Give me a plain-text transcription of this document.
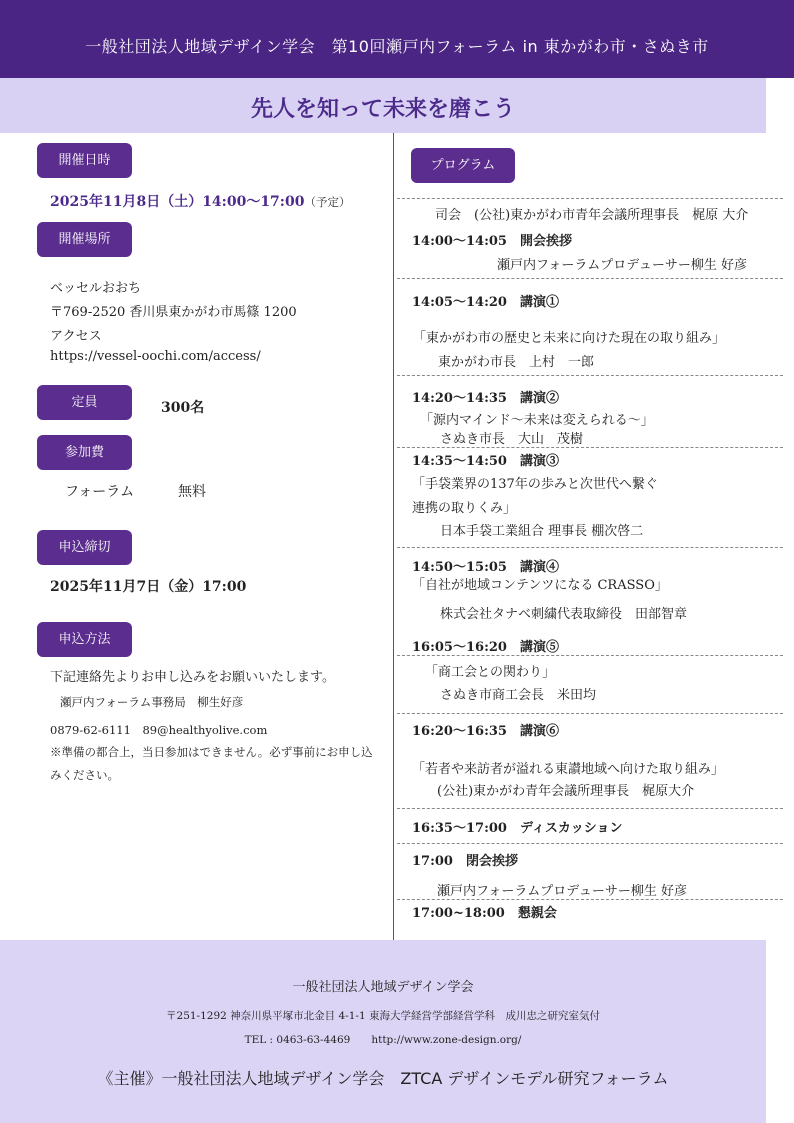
一般社団法人地域デザイン学会　第10回瀬戸内フォーラム in 東かがわ市・さぬき市
先人を知って未来を磨こう
開催日時
2025年11月8日（土）14:00〜17:00（予定）
開催場所
ベッセルおおち
〒769-2520 香川県東かがわ市馬篠 1200
アクセス
https://vessel-oochi.com/access/
定員	300名
参加費
フォーラム	無料
申込締切
2025年11月7日（金）17:00
申込方法
下記連絡先よりお申し込みをお願いいたします。
瀬戸内フォーラム事務局　柳生好彦
0879-62-6111　89@healthyolive.com
※準備の都合上，当日参加はできません。必ず事前にお申し込
みください。
プログラム
司会　(公社)東かがわ市青年会議所理事長　梶原 大介
14:00〜14:05　開会挨拶
瀬戸内フォーラムプロデューサー柳生 好彦
14:05〜14:20　講演①
「東かがわ市の歴史と未来に向けた現在の取り組み」
東かがわ市長　上村　一郎
14:20〜14:35　講演②
「源内マインド〜未来は変えられる〜」
さぬき市長　大山　茂樹
14:35〜14:50　講演③
「手袋業界の137年の歩みと次世代へ繋ぐ
連携の取りくみ」
日本手袋工業組合 理事長 棚次啓二
14:50〜15:05　講演④
「自社が地域コンテンツになる CRASSO」
株式会社タナベ刺繍代表取締役　田部智章
16:05〜16:20　講演⑤
「商工会との関わり」
さぬき市商工会長　米田均
16:20〜16:35　講演⑥
「若者や来訪者が溢れる東讃地域へ向けた取り組み」
(公社)東かがわ青年会議所理事長　梶原大介
16:35〜17:00　ディスカッション
17:00　閉会挨拶
瀬戸内フォーラムプロデューサー柳生 好彦
17:00~18:00　懇親会
一般社団法人地域デザイン学会
〒251-1292 神奈川県平塚市北金目 4-1-1 東海大学経営学部経営学科　成川忠之研究室気付
TEL : 0463-63-4469　　http://www.zone-design.org/
《主催》一般社団法人地域デザイン学会　ZTCA デザインモデル研究フォーラム
